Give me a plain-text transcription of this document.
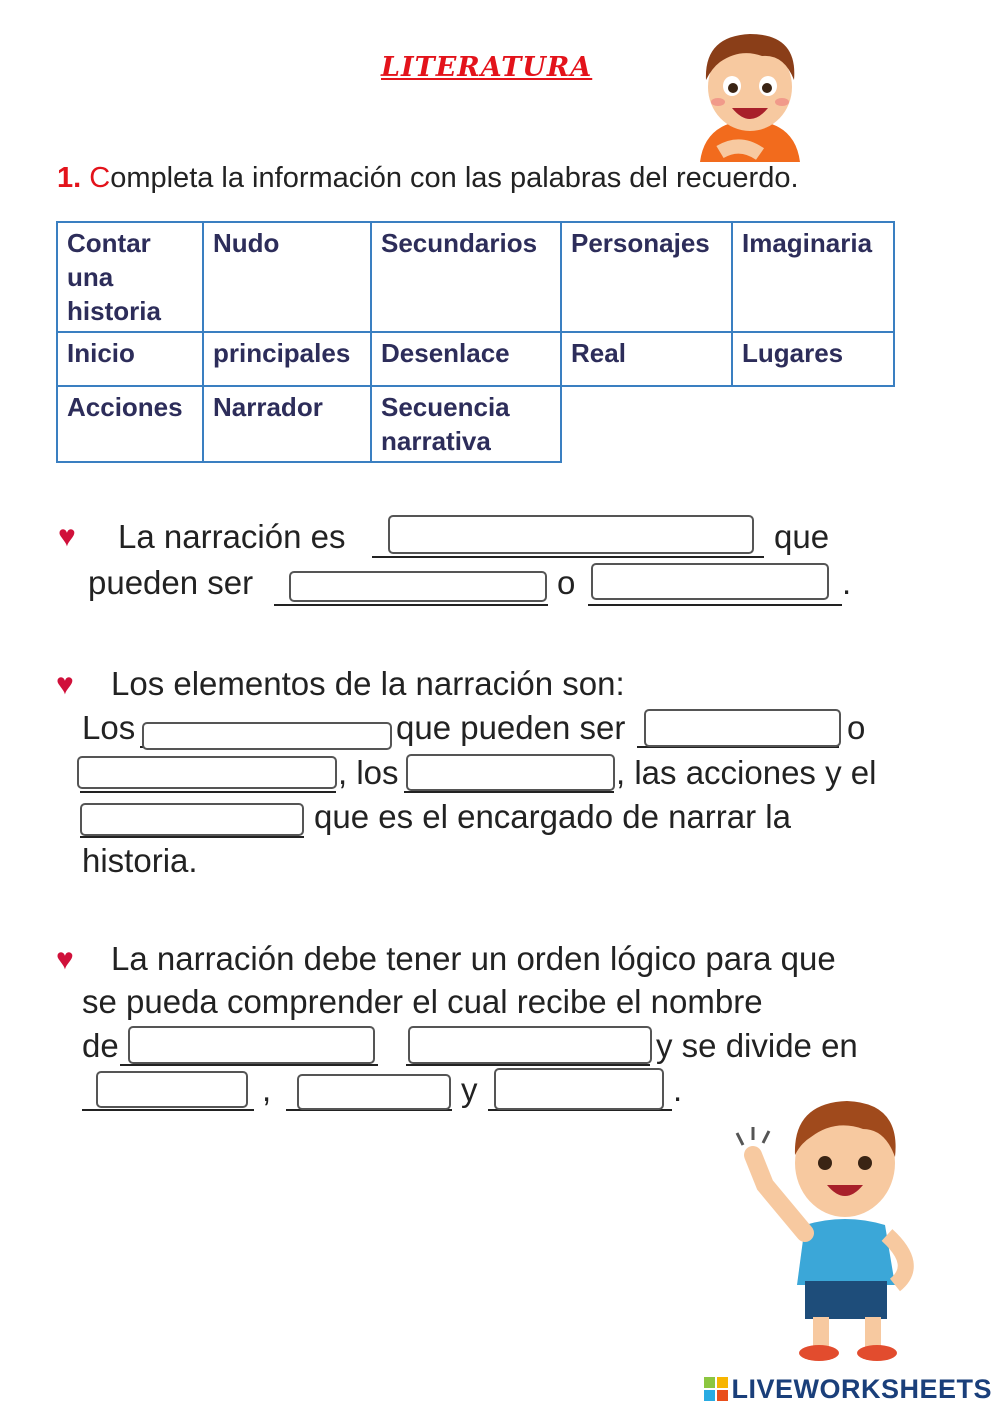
LITERATURA
1. Completa la información con las palabras del recuerdo.
Contar una historia	Nudo	Secundarios	Personajes	Imaginaria
Inicio	principales	Desenlace	Real	Lugares
Acciones	Narrador	Secuencia narrativa		
♥ La narración es	que
pueden ser	o	.
♥ Los elementos de la narración son:
Los	que pueden ser	o
, los	, las acciones y el
que es el encargado de narrar la
historia.
♥ La narración debe tener un orden lógico para que
se pueda comprender el cual recibe el nombre
de	y se divide en
,	y	.
LIVEWORKSHEETS
